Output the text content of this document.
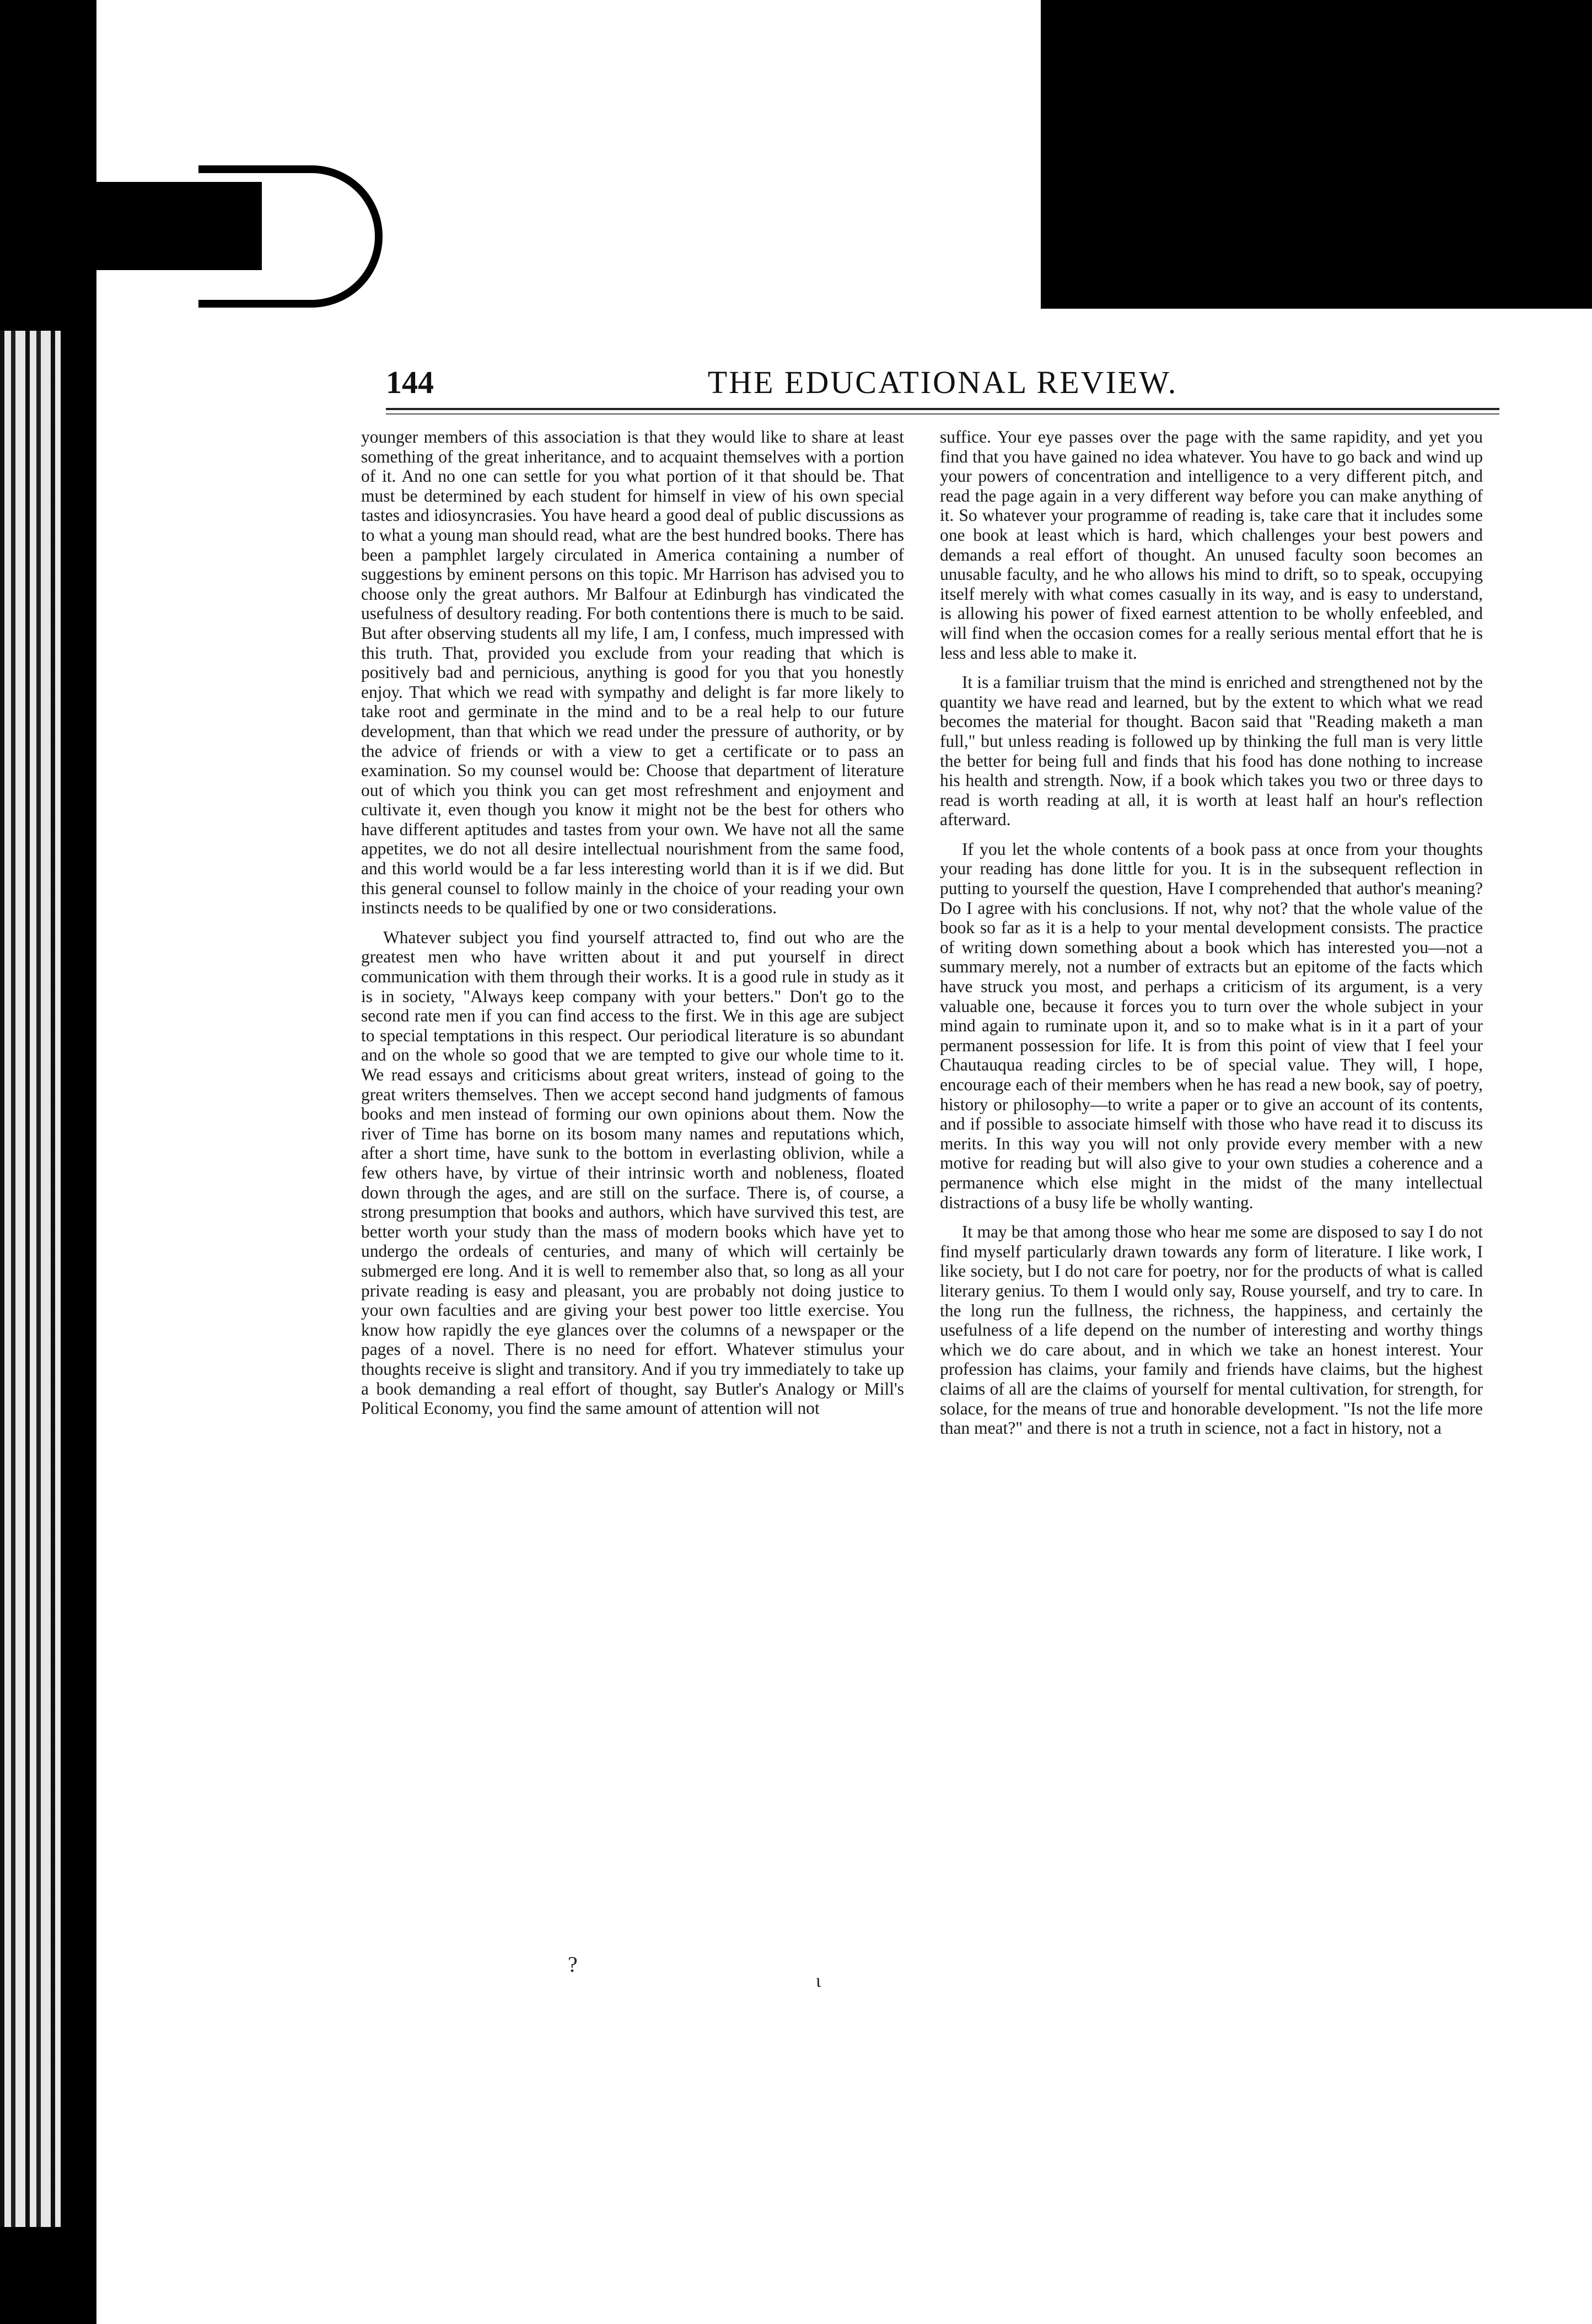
144	THE EDUCATIONAL REVIEW.

younger members of this association is that they would like to share at least something of the great inheritance, and to acquaint themselves with a portion of it. And no one can settle for you what portion of it that should be. That must be determined by each student for himself in view of his own special tastes and idiosyncrasies. You have heard a good deal of public discussions as to what a young man should read, what are the best hundred books. There has been a pamphlet largely circulated in America containing a number of suggestions by eminent persons on this topic. Mr Harrison has advised you to choose only the great authors. Mr Balfour at Edinburgh has vindicated the usefulness of desultory reading. For both contentions there is much to be said. But after observing students all my life, I am, I confess, much impressed with this truth. That, provided you exclude from your reading that which is positively bad and pernicious, anything is good for you that you honestly enjoy. That which we read with sympathy and delight is far more likely to take root and germinate in the mind and to be a real help to our future development, than that which we read under the pressure of authority, or by the advice of friends or with a view to get a certificate or to pass an examination. So my counsel would be: Choose that department of literature out of which you think you can get most refreshment and enjoyment and cultivate it, even though you know it might not be the best for others who have different aptitudes and tastes from your own. We have not all the same appetites, we do not all desire intellectual nourishment from the same food, and this world would be a far less interesting world than it is if we did. But this general counsel to follow mainly in the choice of your reading your own instincts needs to be qualified by one or two considerations.

Whatever subject you find yourself attracted to, find out who are the greatest men who have written about it and put yourself in direct communication with them through their works. It is a good rule in study as it is in society, "Always keep company with your betters." Don't go to the second rate men if you can find access to the first. We in this age are subject to special temptations in this respect. Our periodical literature is so abundant and on the whole so good that we are tempted to give our whole time to it. We read essays and criticisms about great writers, instead of going to the great writers themselves. Then we accept second hand judgments of famous books and men instead of forming our own opinions about them. Now the river of Time has borne on its bosom many names and reputations which, after a short time, have sunk to the bottom in everlasting oblivion, while a few others have, by virtue of their intrinsic worth and nobleness, floated down through the ages, and are still on the surface. There is, of course, a strong presumption that books and authors, which have survived this test, are better worth your study than the mass of modern books which have yet to undergo the ordeals of centuries, and many of which will certainly be submerged ere long. And it is well to remember also that, so long as all your private reading is easy and pleasant, you are probably not doing justice to your own faculties and are giving your best power too little exercise. You know how rapidly the eye glances over the columns of a newspaper or the pages of a novel. There is no need for effort. Whatever stimulus your thoughts receive is slight and transitory. And if you try immediately to take up a book demanding a real effort of thought, say Butler's Analogy or Mill's Political Economy, you find the same amount of attention will not

suffice. Your eye passes over the page with the same rapidity, and yet you find that you have gained no idea whatever. You have to go back and wind up your powers of concentration and intelligence to a very different pitch, and read the page again in a very different way before you can make anything of it. So whatever your programme of reading is, take care that it includes some one book at least which is hard, which challenges your best powers and demands a real effort of thought. An unused faculty soon becomes an unusable faculty, and he who allows his mind to drift, so to speak, occupying itself merely with what comes casually in its way, and is easy to understand, is allowing his power of fixed earnest attention to be wholly enfeebled, and will find when the occasion comes for a really serious mental effort that he is less and less able to make it.

It is a familiar truism that the mind is enriched and strengthened not by the quantity we have read and learned, but by the extent to which what we read becomes the material for thought. Bacon said that "Reading maketh a man full," but unless reading is followed up by thinking the full man is very little the better for being full and finds that his food has done nothing to increase his health and strength. Now, if a book which takes you two or three days to read is worth reading at all, it is worth at least half an hour's reflection afterward.

If you let the whole contents of a book pass at once from your thoughts your reading has done little for you. It is in the subsequent reflection in putting to yourself the question, Have I comprehended that author's meaning? Do I agree with his conclusions. If not, why not? that the whole value of the book so far as it is a help to your mental development consists. The practice of writing down something about a book which has interested you—not a summary merely, not a number of extracts but an epitome of the facts which have struck you most, and perhaps a criticism of its argument, is a very valuable one, because it forces you to turn over the whole subject in your mind again to ruminate upon it, and so to make what is in it a part of your permanent possession for life. It is from this point of view that I feel your Chautauqua reading circles to be of special value. They will, I hope, encourage each of their members when he has read a new book, say of poetry, history or philosophy—to write a paper or to give an account of its contents, and if possible to associate himself with those who have read it to discuss its merits. In this way you will not only provide every member with a new motive for reading but will also give to your own studies a coherence and a permanence which else might in the midst of the many intellectual distractions of a busy life be wholly wanting.

It may be that among those who hear me some are disposed to say I do not find myself particularly drawn towards any form of literature. I like work, I like society, but I do not care for poetry, nor for the products of what is called literary genius. To them I would only say, Rouse yourself, and try to care. In the long run the fullness, the richness, the happiness, and certainly the usefulness of a life depend on the number of interesting and worthy things which we do care about, and in which we take an honest interest. Your profession has claims, your family and friends have claims, but the highest claims of all are the claims of yourself for mental cultivation, for strength, for solace, for the means of true and honorable development. "Is not the life more than meat?" and there is not a truth in science, not a fact in history, not a

?
ι
